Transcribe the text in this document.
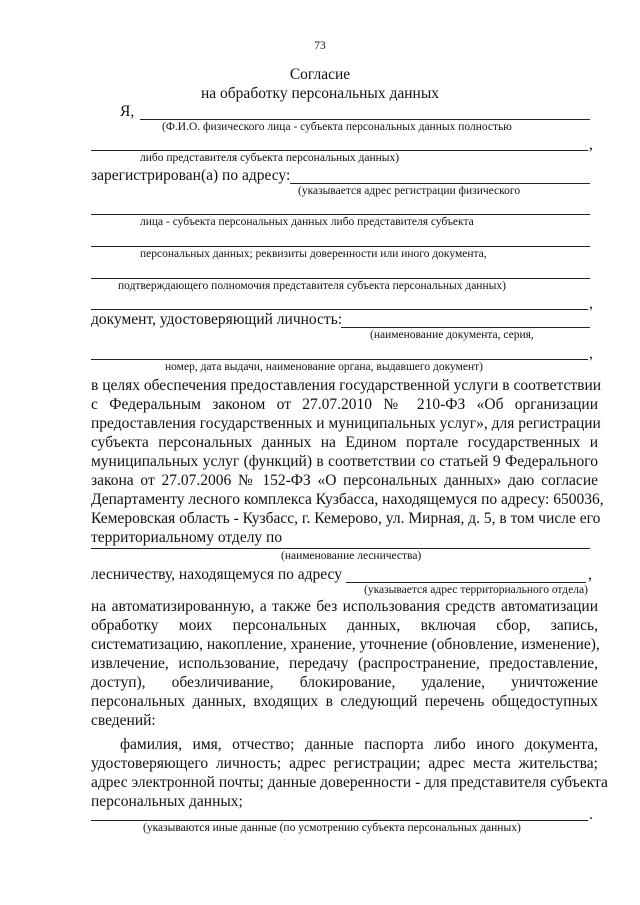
73
Согласие
на обработку персональных данных
Я,
(Ф.И.О. физического лица - субъекта персональных данных полностью
,
либо представителя субъекта персональных данных)
зарегистрирован(а) по адресу:
(указывается адрес регистрации физического
лица - субъекта персональных данных либо представителя субъекта
персональных данных; реквизиты доверенности или иного документа,
подтверждающего полномочия представителя субъекта персональных данных)
,
документ, удостоверяющий личность:
(наименование документа, серия,
,
номер, дата выдачи, наименование органа, выдавшего документ)
в целях обеспечения предоставления государственной услуги в соответствии
с Федеральным законом от 27.07.2010 № 210-ФЗ «Об организации
предоставления государственных и муниципальных услуг», для регистрации
субъекта персональных данных на Едином портале государственных и
муниципальных услуг (функций) в соответствии со статьей 9 Федерального
закона от 27.07.2006 № 152-ФЗ «О персональных данных» даю согласие
Департаменту лесного комплекса Кузбасса, находящемуся по адресу: 650036,
Кемеровская область - Кузбасс, г. Кемерово, ул. Мирная, д. 5, в том числе его
территориальному отделу по
(наименование лесничества)
лесничеству, находящемуся по адресу	,
(указывается адрес территориального отдела)
на автоматизированную, а также без использования средств автоматизации
обработку моих персональных данных, включая сбор, запись,
систематизацию, накопление, хранение, уточнение (обновление, изменение),
извлечение, использование, передачу (распространение, предоставление,
доступ), обезличивание, блокирование, удаление, уничтожение
персональных данных, входящих в следующий перечень общедоступных
сведений:
фамилия, имя, отчество; данные паспорта либо иного документа,
удостоверяющего личность; адрес регистрации; адрес места жительства;
адрес электронной почты; данные доверенности - для представителя субъекта
персональных данных;
.
(указываются иные данные (по усмотрению субъекта персональных данных)
